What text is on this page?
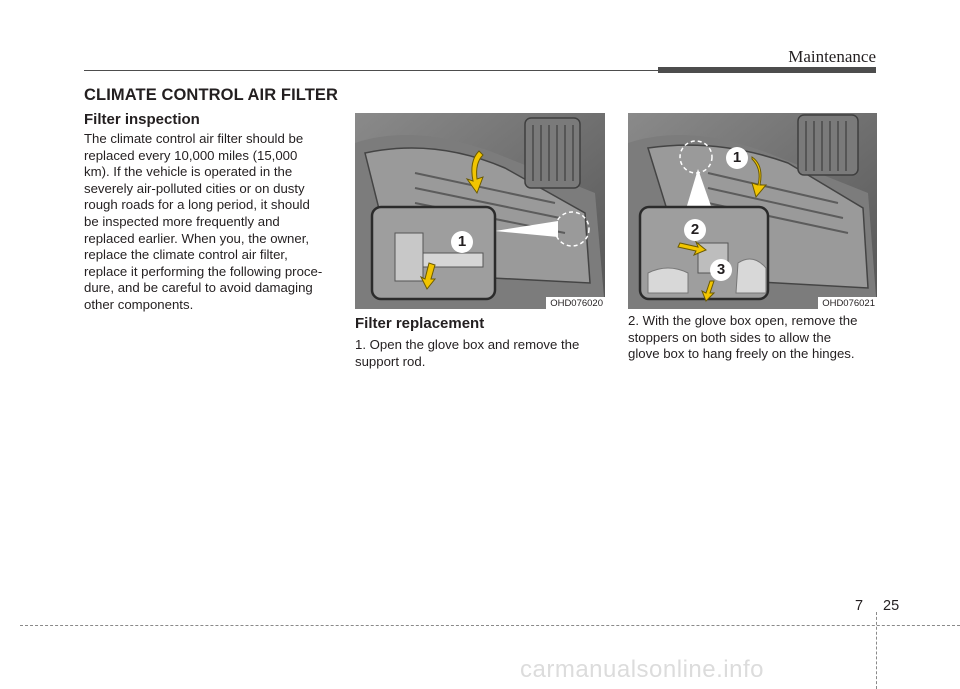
Maintenance
CLIMATE CONTROL AIR FILTER
Filter inspection
The climate control air filter should be
replaced every 10,000 miles (15,000
km). If the vehicle is operated in the
severely air-polluted cities or on dusty
rough roads for a long period, it should
be inspected more frequently and
replaced earlier. When you, the owner,
replace the climate control air filter,
replace it performing the following proce-
dure, and be careful to avoid damaging
other components.
1
OHD076020
1
2
3
OHD076021
Filter replacement
1. Open the glove box and remove the
support rod.
2. With the glove box open, remove the
stoppers on both sides to allow the
glove box to hang freely on the hinges.
7 25
carmanualsonline.info
